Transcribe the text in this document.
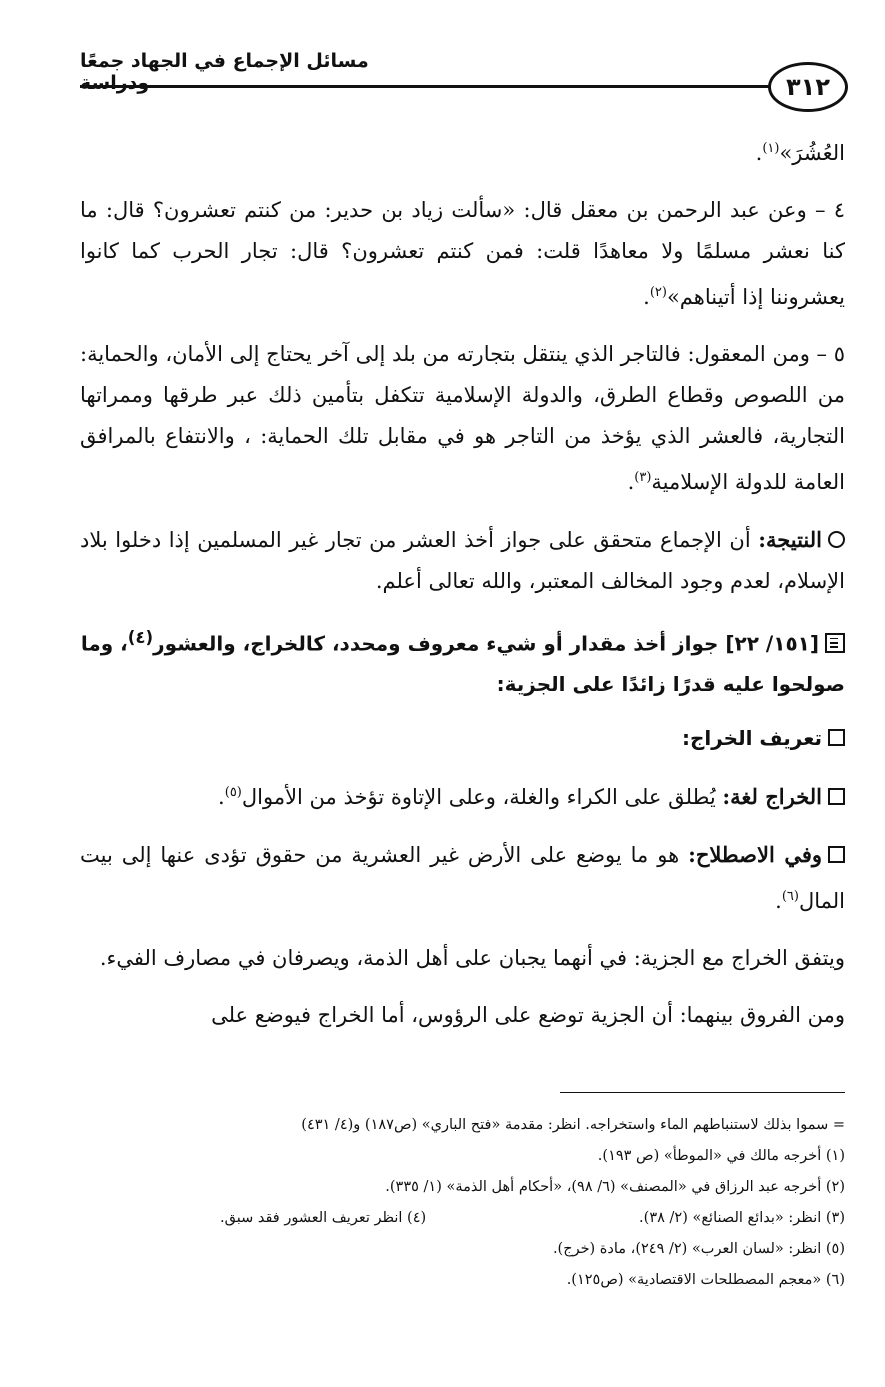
مسائل الإجماع في الجهاد جمعًا ودراسة	٣١٢

العُشُرَ»$^{(١)}$.

٤ – وعن عبد الرحمن بن معقل قال: «سألت زياد بن حدير: من كنتم تعشرون؟ قال: ما كنا نعشر مسلمًا ولا معاهدًا قلت: فمن كنتم تعشرون؟ قال: تجار الحرب كما كانوا يعشروننا إذا أتيناهم»$^{(٢)}$.

٥ – ومن المعقول: فالتاجر الذي ينتقل بتجارته من بلد إلى آخر يحتاج إلى الأمان، والحماية: من اللصوص وقطاع الطرق، والدولة الإسلامية تتكفل بتأمين ذلك عبر طرقها وممراتها التجارية، فالعشر الذي يؤخذ من التاجر هو في مقابل تلك الحماية: ، والانتفاع بالمرافق العامة للدولة الإسلامية$^{(٣)}$.

النتيجة: أن الإجماع متحقق على جواز أخذ العشر من تجار غير المسلمين إذا دخلوا بلاد الإسلام، لعدم وجود المخالف المعتبر، والله تعالى أعلم.

[١٥١/ ٢٢] جواز أخذ مقدار أو شيء معروف ومحدد، كالخراج، والعشور$^{(٤)}$، وما صولحوا عليه قدرًا زائدًا على الجزية:

تعريف الخراج:

الخراج لغة: يُطلق على الكراء والغلة، وعلى الإتاوة تؤخذ من الأموال$^{(٥)}$.

وفي الاصطلاح: هو ما يوضع على الأرض غير العشرية من حقوق تؤدى عنها إلى بيت المال$^{(٦)}$.

ويتفق الخراج مع الجزية: في أنهما يجبان على أهل الذمة، ويصرفان في مصارف الفيء.

ومن الفروق بينهما: أن الجزية توضع على الرؤوس، أما الخراج فيوضع على

= سموا بذلك لاستنباطهم الماء واستخراجه. انظر: مقدمة «فتح الباري» (ص١٨٧) و(٤/ ٤٣١)

(١) أخرجه مالك في «الموطأ» (ص ١٩٣).

(٢) أخرجه عبد الرزاق في «المصنف» (٦/ ٩٨)، «أحكام أهل الذمة» (١/ ٣٣٥).

(٣) انظر: «بدائع الصنائع» (٢/ ٣٨).

(٤) انظر تعريف العشور فقد سبق.

(٥) انظر: «لسان العرب» (٢/ ٢٤٩)، مادة (خرج).

(٦) «معجم المصطلحات الاقتصادية» (ص١٢٥).
